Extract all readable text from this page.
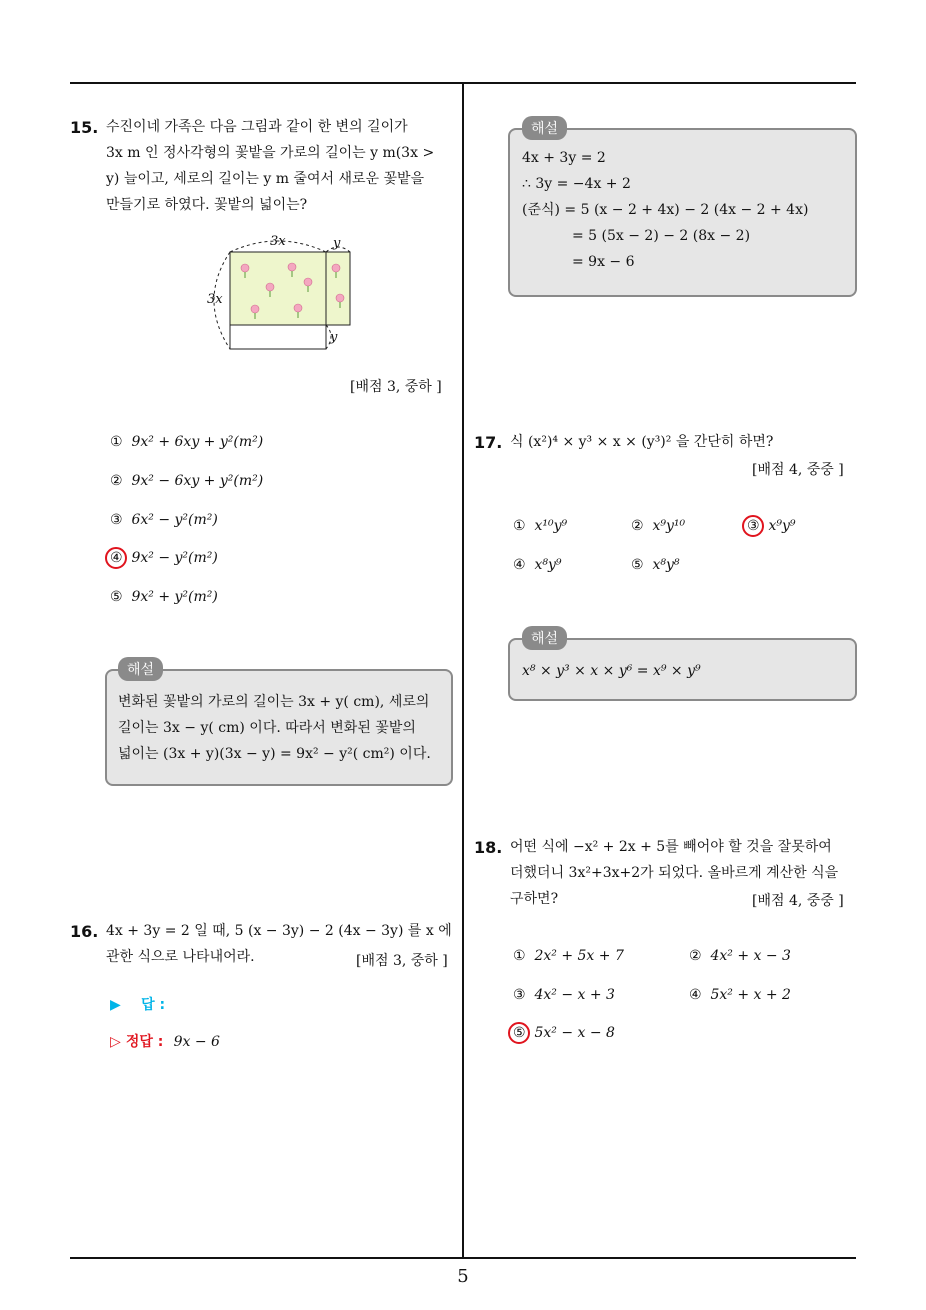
15. 수진이네 가족은 다음 그림과 같이 한 변의 길이가
3x m 인 정사각형의 꽃밭을 가로의 길이는 y m(3x >
y) 늘이고, 세로의 길이는 y m 줄여서 새로운 꽃밭을
만들기로 하였다. 꽃밭의 넓이는?
3x	y
3x
y
[배점 3, 중하 ]
① 9x² + 6xy + y²(m²)
② 9x² − 6xy + y²(m²)
③ 6x² − y²(m²)
④ 9x² − y²(m²)
⑤ 9x² + y²(m²)
해설
변화된 꽃밭의 가로의 길이는 3x + y( cm), 세로의
길이는 3x − y( cm) 이다. 따라서 변화된 꽃밭의
넓이는 (3x + y)(3x − y) = 9x² − y²( cm²) 이다.
16. 4x + 3y = 2 일 때, 5 (x − 3y) − 2 (4x − 3y) 를 x 에
관한 식으로 나타내어라.	[배점 3, 중하 ]
▶ 답 :
▷ 정답 : 9x − 6
해설
4x + 3y = 2
∴ 3y = −4x + 2
(준식) = 5 (x − 2 + 4x) − 2 (4x − 2 + 4x)
= 5 (5x − 2) − 2 (8x − 2)
= 9x − 6
17. 식 (x²)⁴ × y³ × x × (y³)² 을 간단히 하면?
[배점 4, 중중 ]
① x¹⁰y⁹	② x⁹y¹⁰	③ x⁹y⁹
④ x⁸y⁹	⑤ x⁸y⁸
해설
x⁸ × y³ × x × y⁶ = x⁹ × y⁹
18. 어떤 식에 −x² + 2x + 5를 빼어야 할 것을 잘못하여
더했더니 3x²+3x+2가 되었다. 올바르게 계산한 식을
구하면?	[배점 4, 중중 ]
① 2x² + 5x + 7	② 4x² + x − 3
③ 4x² − x + 3	④ 5x² + x + 2
⑤ 5x² − x − 8
5
